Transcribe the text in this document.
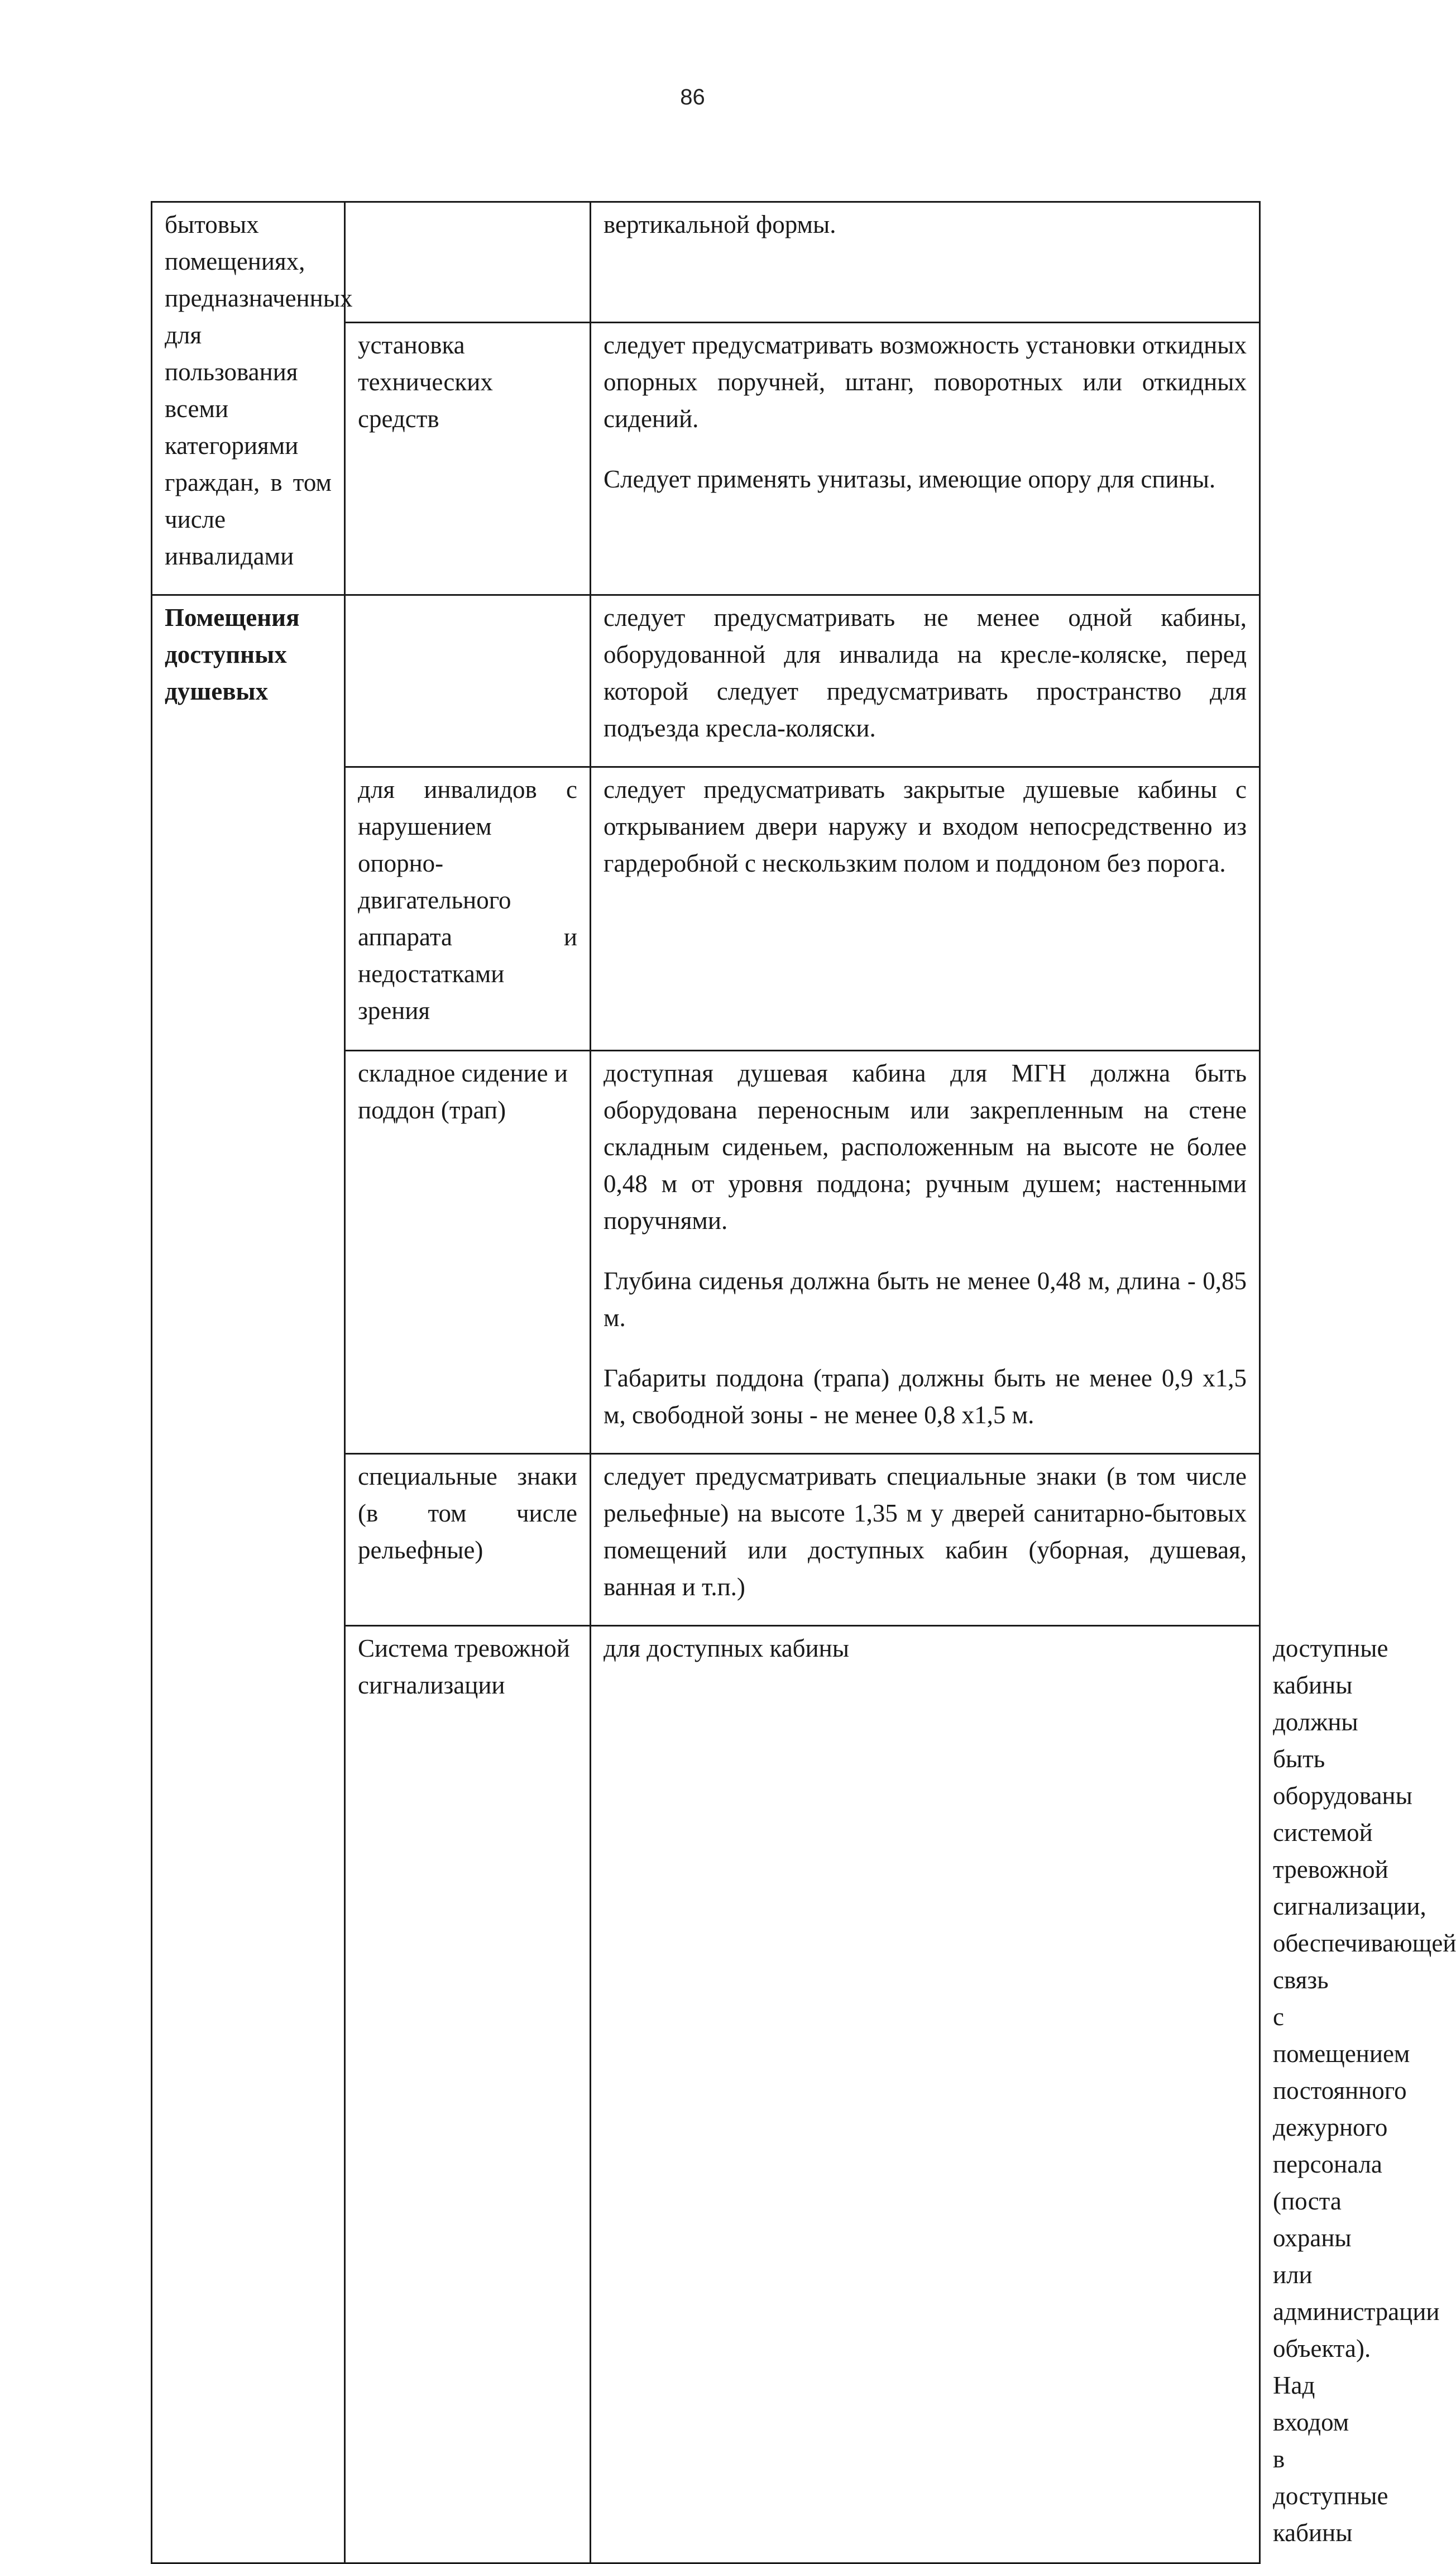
86
бытовых помещениях, предназначенных для пользования всеми категориями граждан, в том числе инвалидами		вертикальной формы.	

	установка технических средств	следует предусматривать возможность установки откидных опорных поручней, штанг, поворотных или откидных сидений.

Следует применять унитазы, имеющие опору для спины.	

Помещения доступных душевых		следует предусматривать не менее одной кабины, оборудованной для инвалида на кресле-коляске, перед которой следует предусматривать пространство для подъезда кресла-коляски.	

	для инвалидов с нарушением опорно-двигательного аппарата и недостатками зрения	следует предусматривать закрытые душевые кабины с открыванием двери наружу и входом непосредственно из гардеробной с нескользким полом и поддоном без порога.	

	складное сидение и поддон (трап)	доступная душевая кабина для МГН должна быть оборудована переносным или закрепленным на стене складным сиденьем, расположенным на высоте не более 0,48 м от уровня поддона; ручным душем; настенными поручнями.

Глубина сиденья должна быть не менее 0,48 м, длина - 0,85 м.

Габариты поддона (трапа) должны быть не менее 0,9 х1,5 м, свободной зоны - не менее 0,8 х1,5 м.	

	специальные знаки (в том числе рельефные)	следует предусматривать специальные знаки (в том числе рельефные) на высоте 1,35 м у дверей санитарно-бытовых помещений или доступных кабин (уборная, душевая, ванная и т.п.)	

	Система тревожной сигнализации	для доступных кабины	доступные кабины должны быть оборудованы системой тревожной сигнализации, обеспечивающей связь с помещением постоянного дежурного персонала (поста охраны или администрации объекта). Над входом в доступные кабины
